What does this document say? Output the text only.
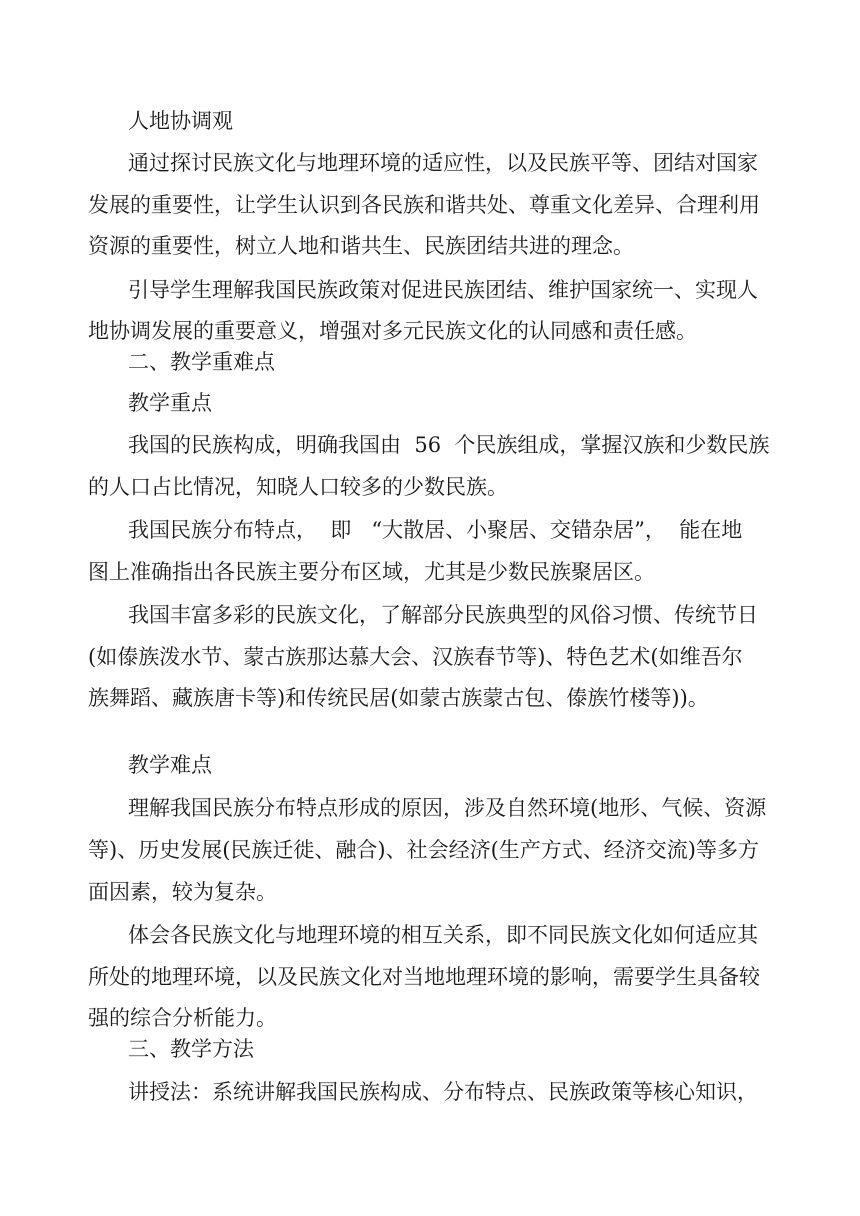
人地协调观
通过探讨民族文化与地理环境的适应性，以及民族平等、团结对国家
发展的重要性，让学生认识到各民族和谐共处、尊重文化差异、合理利用
资源的重要性，树立人地和谐共生、民族团结共进的理念。
引导学生理解我国民族政策对促进民族团结、维护国家统一、实现人
地协调发展的重要意义，增强对多元民族文化的认同感和责任感。
二、教学重难点
教学重点
我国的民族构成，明确我国由  56  个民族组成，掌握汉族和少数民族
的人口占比情况，知晓人口较多的少数民族。
我国民族分布特点，  即   “大散居、小聚居、交错杂居”，  能在地
图上准确指出各民族主要分布区域，尤其是少数民族聚居区。
我国丰富多彩的民族文化，了解部分民族典型的风俗习惯、传统节日
(如傣族泼水节、蒙古族那达慕大会、汉族春节等)、特色艺术(如维吾尔
族舞蹈、藏族唐卡等)和传统民居(如蒙古族蒙古包、傣族竹楼等))。
教学难点
理解我国民族分布特点形成的原因，涉及自然环境(地形、气候、资源
等)、历史发展(民族迁徙、融合)、社会经济(生产方式、经济交流)等多方
面因素，较为复杂。
体会各民族文化与地理环境的相互关系，即不同民族文化如何适应其
所处的地理环境，以及民族文化对当地地理环境的影响，需要学生具备较
强的综合分析能力。
三、教学方法
讲授法：系统讲解我国民族构成、分布特点、民族政策等核心知识，
